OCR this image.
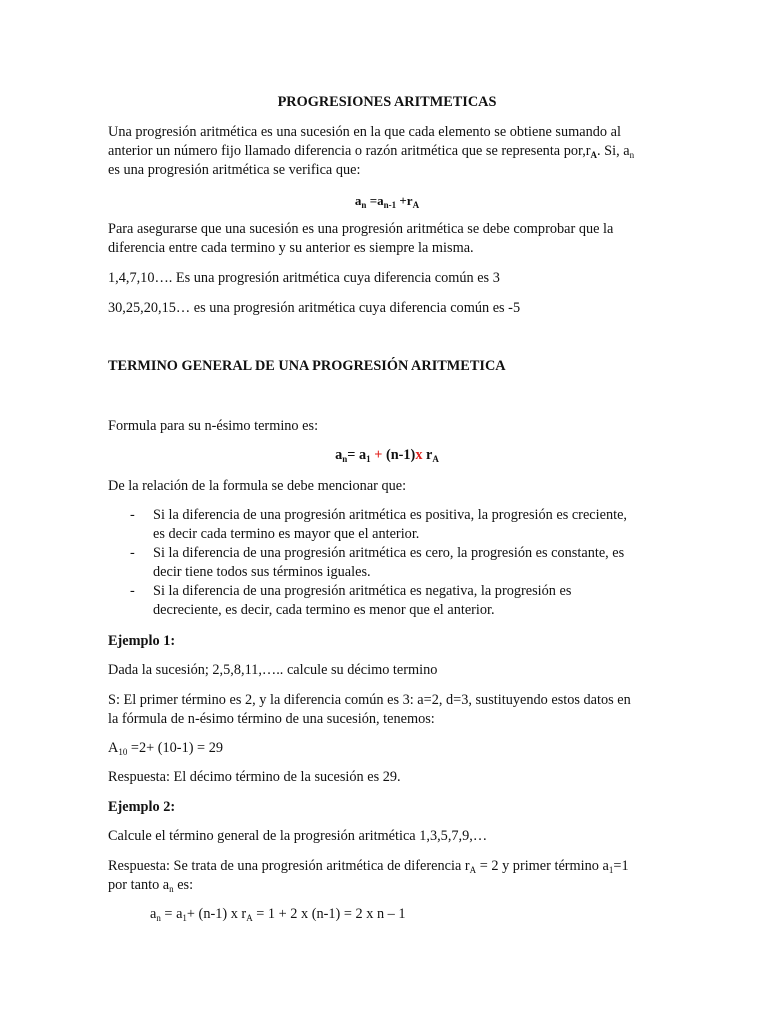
PROGRESIONES ARITMETICAS
Una progresión aritmética es una sucesión en la que cada elemento se obtiene sumando al
anterior un número fijo llamado diferencia o razón aritmética que se representa $por,r_A$. Si, $a_n$
es una progresión aritmética se verifica que:
$a_n =a_{n-1} +r_A$
Para asegurarse que una sucesión es una progresión aritmética se debe comprobar que la
diferencia entre cada termino y su anterior es siempre la misma.
1,4,7,10…. Es una progresión aritmética cuya diferencia común es 3
30,25,20,15… es una progresión aritmética cuya diferencia común es -5
TERMINO GENERAL DE UNA PROGRESIÓN ARITMETICA
Formula para su n-ésimo termino es:
$a_n= a_1 + (n-1)x$ $r_A$
De la relación de la formula se debe mencionar que:
- Si la diferencia de una progresión aritmética es positiva, la progresión es creciente,
es decir cada termino es mayor que el anterior.
- Si la diferencia de una progresión aritmética es cero, la progresión es constante, es
decir tiene todos sus términos iguales.
- Si la diferencia de una progresión aritmética es negativa, la progresión es
decreciente, es decir, cada termino es menor que el anterior.
Ejemplo 1:
Dada la sucesión; 2,5,8,11,….. calcule su décimo termino
S: El primer término es 2, y la diferencia común es 3: a=2, d=3, sustituyendo estos datos en
la fórmula de n-ésimo término de una sucesión, tenemos:
$A_{10} =2+ (10-1) = 29$
Respuesta: El décimo término de la sucesión es 29.
Ejemplo 2:
Calcule el término general de la progresión aritmética 1,3,5,7,9,…
Respuesta: Se trata de una progresión aritmética de diferencia $r_A = 2$ y primer término $a_1=1$
por tanto $a_n$ es:
$a_n = a_1+ (n-1)$ x $r_A = 1 + 2$ x (n-1) = 2 x n – 1
